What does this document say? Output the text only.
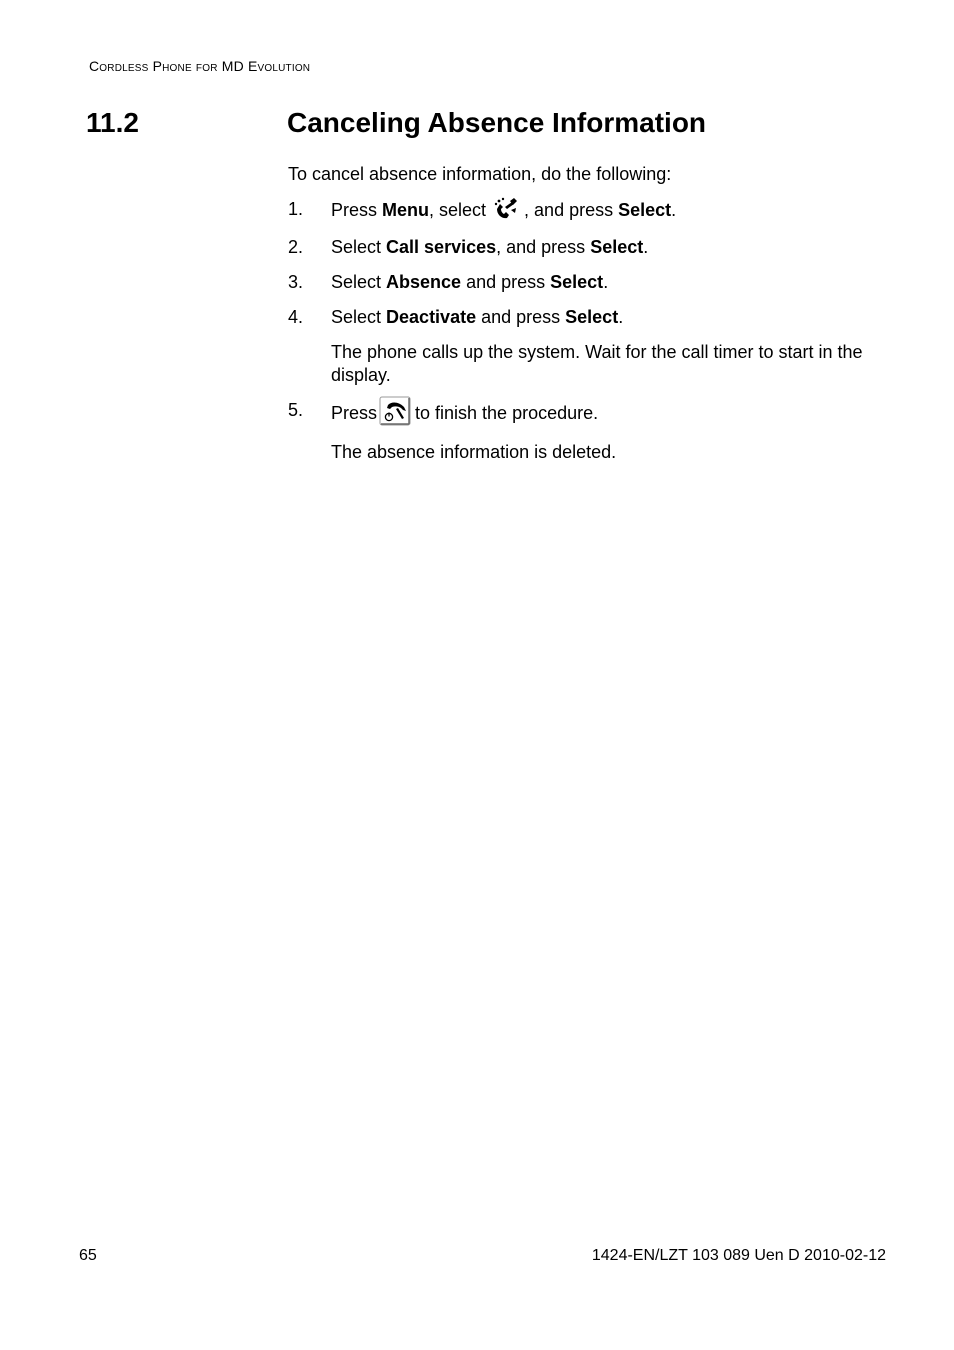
Cordless Phone for MD Evolution
11.2	Canceling Absence Information

To cancel absence information, do the following:

1.	Press Menu, select , and press Select.
2.	Select Call services, and press Select.
3.	Select Absence and press Select.
4.	Select Deactivate and press Select.

The phone calls up the system. Wait for the call timer to start in the display.

5.	Press to finish the procedure.

The absence information is deleted.

65	1424-EN/LZT 103 089 Uen D 2010-02-12
